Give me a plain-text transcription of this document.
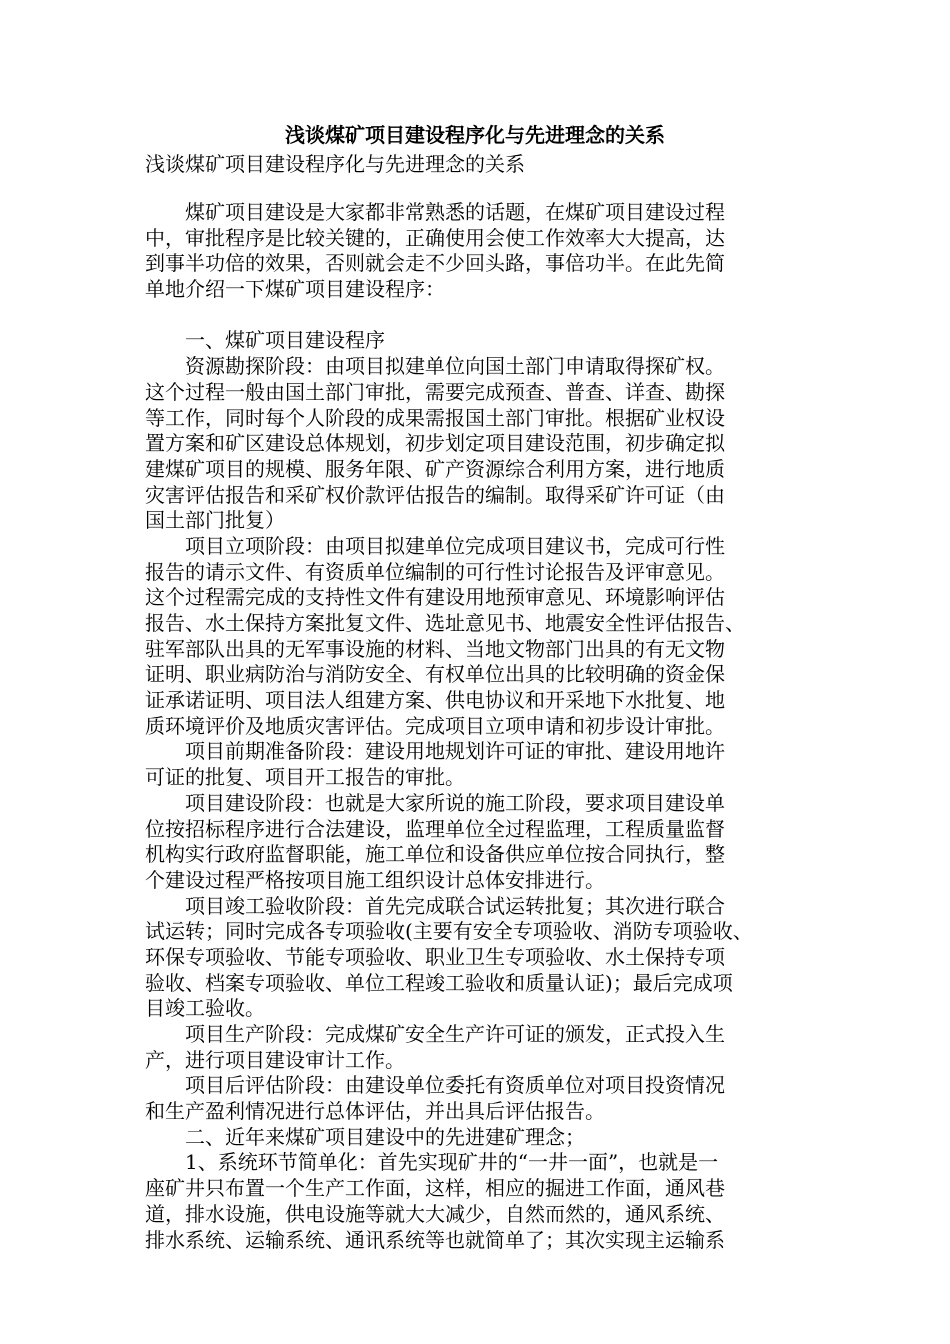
浅谈煤矿项目建设程序化与先进理念的关系
浅谈煤矿项目建设程序化与先进理念的关系
　　煤矿项目建设是大家都非常熟悉的话题，在煤矿项目建设过程
中，审批程序是比较关键的，正确使用会使工作效率大大提高，达
到事半功倍的效果，否则就会走不少回头路，事倍功半。在此先简
单地介绍一下煤矿项目建设程序：
　　一、煤矿项目建设程序
　　资源勘探阶段：由项目拟建单位向国土部门申请取得探矿权。
这个过程一般由国土部门审批，需要完成预查、普查、详查、勘探
等工作，同时每个人阶段的成果需报国土部门审批。根据矿业权设
置方案和矿区建设总体规划，初步划定项目建设范围，初步确定拟
建煤矿项目的规模、服务年限、矿产资源综合利用方案，进行地质
灾害评估报告和采矿权价款评估报告的编制。取得采矿许可证（由
国土部门批复）
　　项目立项阶段：由项目拟建单位完成项目建议书，完成可行性
报告的请示文件、有资质单位编制的可行性讨论报告及评审意见。
这个过程需完成的支持性文件有建设用地预审意见、环境影响评估
报告、水土保持方案批复文件、选址意见书、地震安全性评估报告、
驻军部队出具的无军事设施的材料、当地文物部门出具的有无文物
证明、职业病防治与消防安全、有权单位出具的比较明确的资金保
证承诺证明、项目法人组建方案、供电协议和开采地下水批复、地
质环境评价及地质灾害评估。完成项目立项申请和初步设计审批。
　　项目前期准备阶段：建设用地规划许可证的审批、建设用地许
可证的批复、项目开工报告的审批。
　　项目建设阶段：也就是大家所说的施工阶段，要求项目建设单
位按招标程序进行合法建设，监理单位全过程监理，工程质量监督
机构实行政府监督职能，施工单位和设备供应单位按合同执行，整
个建设过程严格按项目施工组织设计总体安排进行。
　　项目竣工验收阶段：首先完成联合试运转批复；其次进行联合
试运转；同时完成各专项验收(主要有安全专项验收、消防专项验收、
环保专项验收、节能专项验收、职业卫生专项验收、水土保持专项
验收、档案专项验收、单位工程竣工验收和质量认证)；最后完成项
目竣工验收。
　　项目生产阶段：完成煤矿安全生产许可证的颁发，正式投入生
产，进行项目建设审计工作。
　　项目后评估阶段：由建设单位委托有资质单位对项目投资情况
和生产盈利情况进行总体评估，并出具后评估报告。
　　二、近年来煤矿项目建设中的先进建矿理念；
　　1、系统环节简单化：首先实现矿井的“一井一面”，也就是一
座矿井只布置一个生产工作面，这样，相应的掘进工作面，通风巷
道，排水设施，供电设施等就大大减少，自然而然的，通风系统、
排水系统、运输系统、通讯系统等也就简单了；其次实现主运输系
